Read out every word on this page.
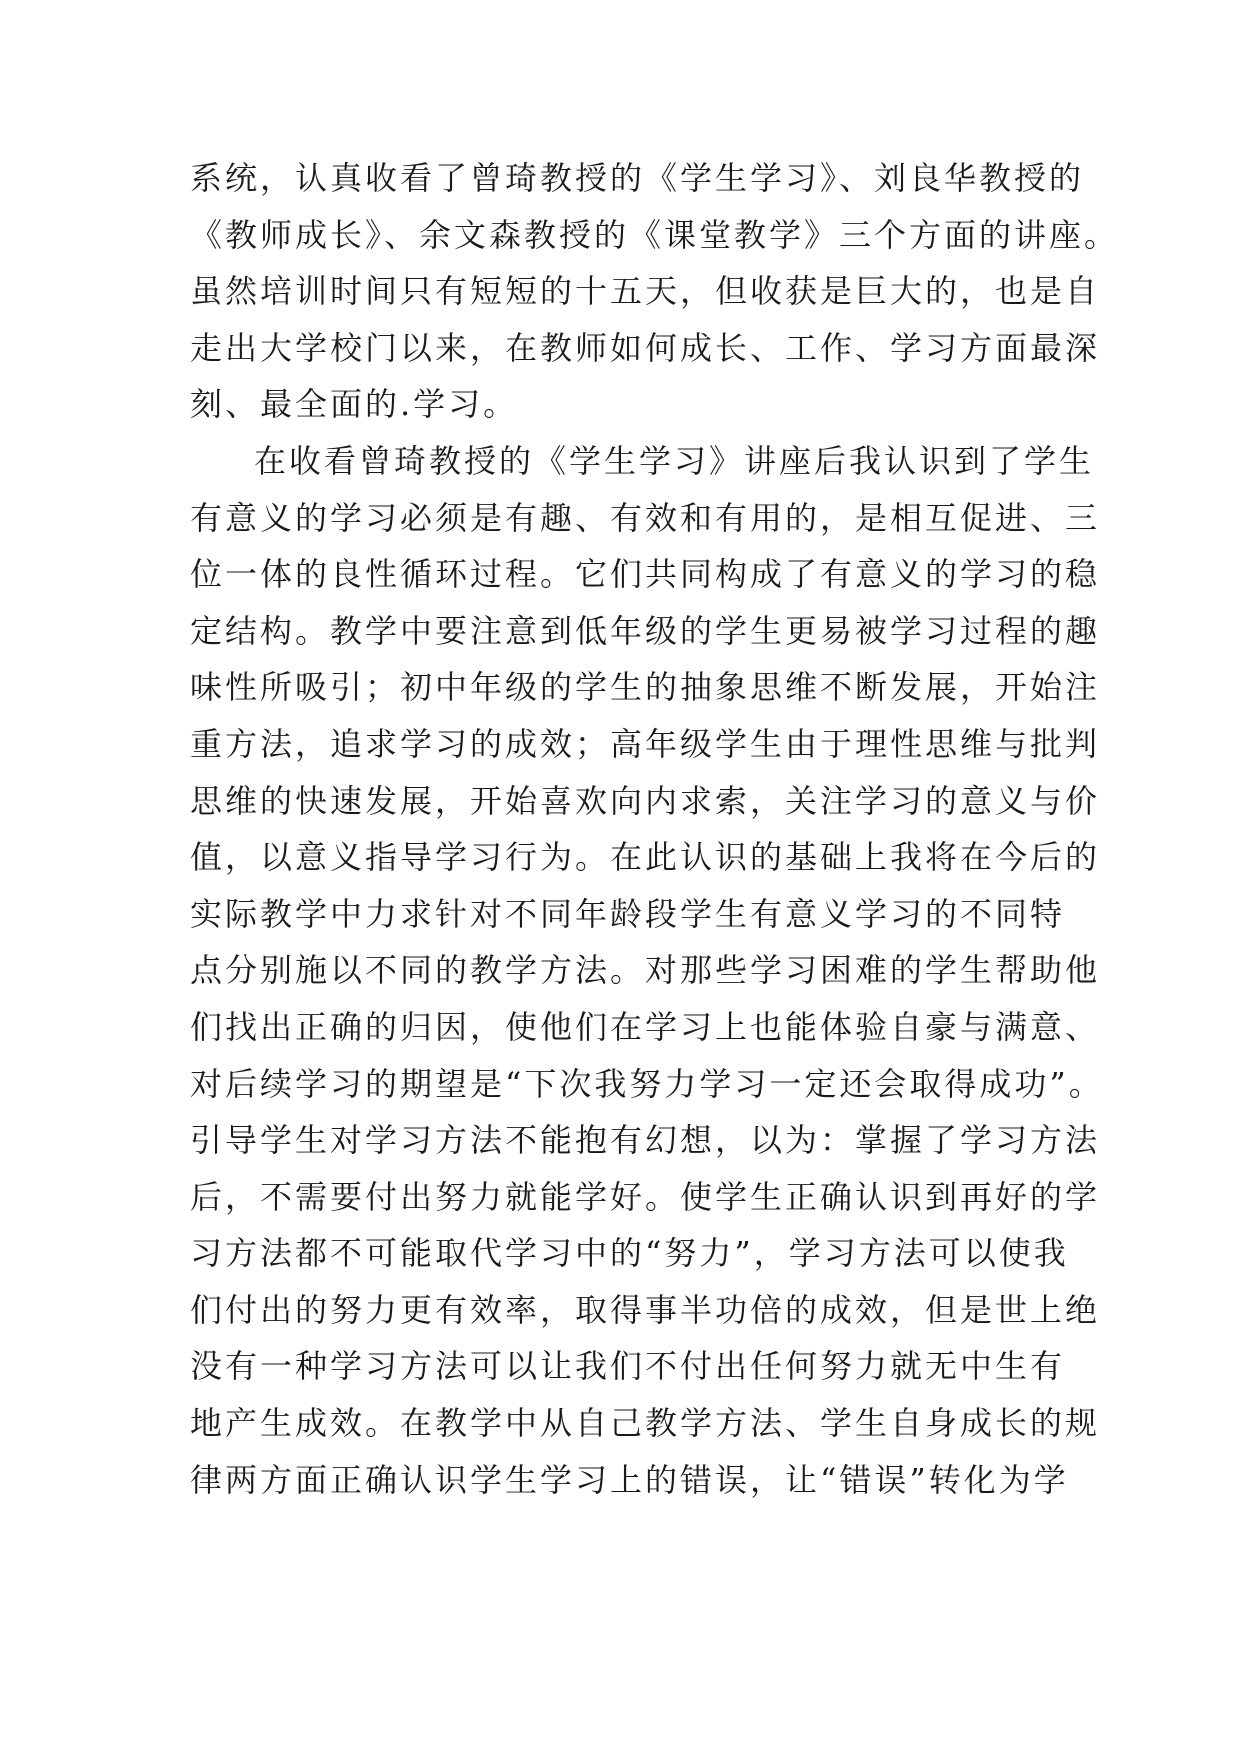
系统，认真收看了曾琦教授的《学生学习》、刘良华教授的
《教师成长》、余文森教授的《课堂教学》三个方面的讲座。
虽然培训时间只有短短的十五天，但收获是巨大的，也是自
走出大学校门以来，在教师如何成长、工作、学习方面最深
刻、最全面的.学习。
在收看曾琦教授的《学生学习》讲座后我认识到了学生
有意义的学习必须是有趣、有效和有用的，是相互促进、三
位一体的良性循环过程。它们共同构成了有意义的学习的稳
定结构。教学中要注意到低年级的学生更易被学习过程的趣
味性所吸引；初中年级的学生的抽象思维不断发展，开始注
重方法，追求学习的成效；高年级学生由于理性思维与批判
思维的快速发展，开始喜欢向内求索，关注学习的意义与价
值，以意义指导学习行为。在此认识的基础上我将在今后的
实际教学中力求针对不同年龄段学生有意义学习的不同特
点分别施以不同的教学方法。对那些学习困难的学生帮助他
们找出正确的归因，使他们在学习上也能体验自豪与满意、
对后续学习的期望是“下次我努力学习一定还会取得成功”。
引导学生对学习方法不能抱有幻想，以为：掌握了学习方法
后，不需要付出努力就能学好。使学生正确认识到再好的学
习方法都不可能取代学习中的“努力”，学习方法可以使我
们付出的努力更有效率，取得事半功倍的成效，但是世上绝
没有一种学习方法可以让我们不付出任何努力就无中生有
地产生成效。在教学中从自己教学方法、学生自身成长的规
律两方面正确认识学生学习上的错误，让“错误”转化为学
